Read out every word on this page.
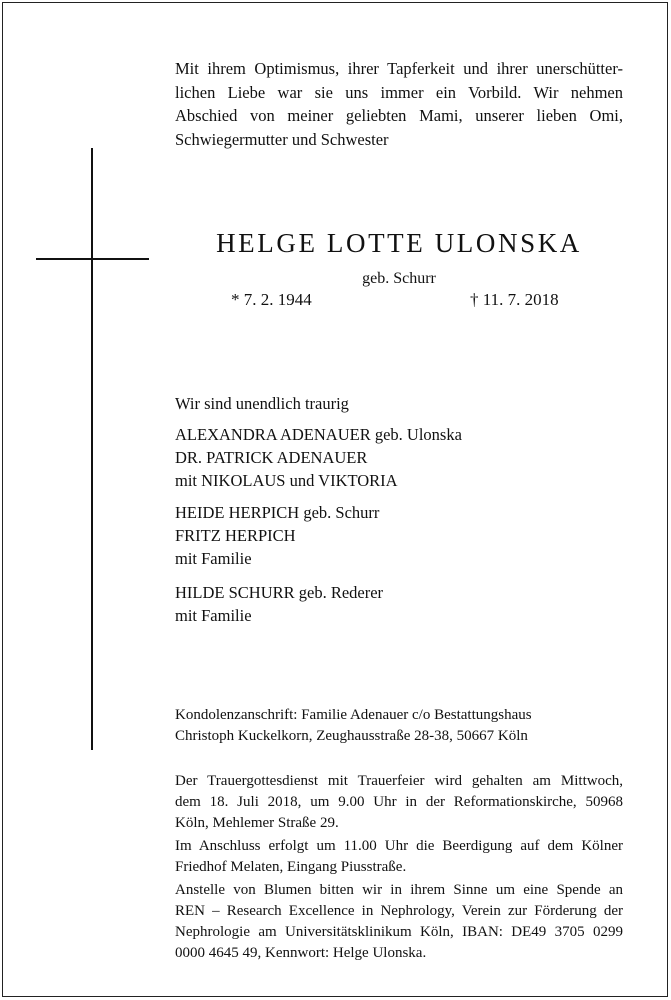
Mit ihrem Optimismus, ihrer Tapferkeit und ihrer unerschütter-
lichen Liebe war sie uns immer ein Vorbild. Wir nehmen
Abschied von meiner geliebten Mami, unserer lieben Omi,
Schwiegermutter und Schwester
HELGE LOTTE ULONSKA
geb. Schurr
* 7. 2. 1944	† 11. 7. 2018
Wir sind unendlich traurig
ALEXANDRA ADENAUER geb. Ulonska
DR. PATRICK ADENAUER
mit NIKOLAUS und VIKTORIA
HEIDE HERPICH geb. Schurr
FRITZ HERPICH
mit Familie
HILDE SCHURR geb. Rederer
mit Familie
Kondolenzanschrift: Familie Adenauer c/o Bestattungshaus
Christoph Kuckelkorn, Zeughausstraße 28-38, 50667 Köln
Der Trauergottesdienst mit Trauerfeier wird gehalten am Mittwoch,
dem 18. Juli 2018, um 9.00 Uhr in der Reformationskirche, 50968
Köln, Mehlemer Straße 29.
Im Anschluss erfolgt um 11.00 Uhr die Beerdigung auf dem Kölner
Friedhof Melaten, Eingang Piusstraße.
Anstelle von Blumen bitten wir in ihrem Sinne um eine Spende an
REN – Research Excellence in Nephrology, Verein zur Förderung der
Nephrologie am Universitätsklinikum Köln, IBAN: DE49 3705 0299
0000 4645 49, Kennwort: Helge Ulonska.
